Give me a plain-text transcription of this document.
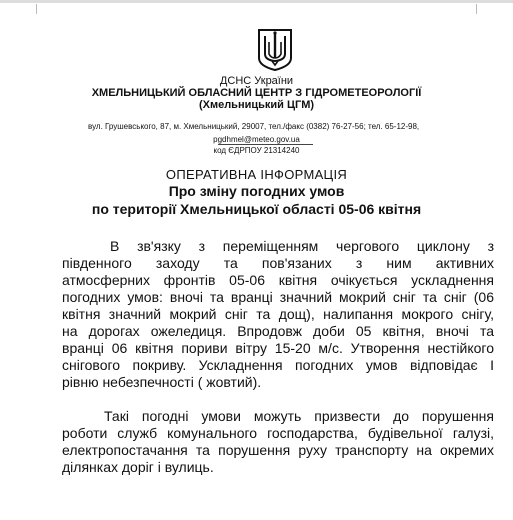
ДСНС України
ХМЕЛЬНИЦЬКИЙ ОБЛАСНИЙ ЦЕНТР З ГІДРОМЕТЕОРОЛОГІЇ
(Хмельницький ЦГМ)
вул. Грушевського, 87, м. Хмельницький, 29007, тел./факс (0382) 76-27-56; тел. 65-12-98,
pgdhmel@meteo.gov.ua
код ЄДРПОУ 21314240
ОПЕРАТИВНА ІНФОРМАЦІЯ
Про зміну погодних умов
по території Хмельницької області 05-06 квітня
В зв'язку з переміщенням чергового циклону з
південного заходу та пов'язаних з ним активних
атмосферних фронтів 05-06 квітня очікується ускладнення
погодних умов: вночі та вранці значний мокрий сніг та сніг (06
квітня значний мокрий сніг та дощ), налипання мокрого снігу,
на дорогах ожеледиця. Впродовж доби 05 квітня, вночі та
вранці 06 квітня пориви вітру 15-20 м/с. Утворення нестійкого
снігового покриву. Ускладнення погодних умов відповідає І
рівню небезпечності ( жовтий).
Такі погодні умови можуть призвести до порушення
роботи служб комунального господарства, будівельної галузі,
електропостачання та порушення руху транспорту на окремих
ділянках доріг і вулиць.
